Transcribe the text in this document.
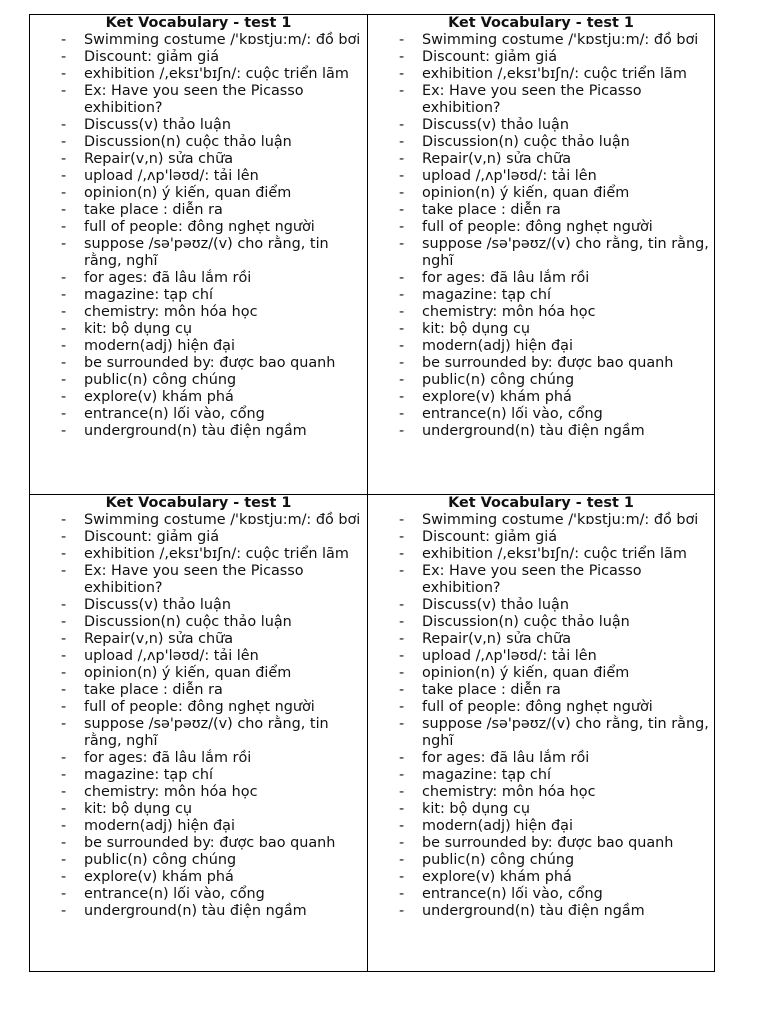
Ket Vocabulary - test 1
- Swimming costume /'kɒstju:m/: đồ bơi
- Discount: giảm giá
- exhibition /,eksɪ'bɪʃn/: cuộc triển lãm
- Ex: Have you seen the Picasso exhibition?
- Discuss(v) thảo luận
- Discussion(n) cuộc thảo luận
- Repair(v,n) sửa chữa
- upload /,ʌp'ləʊd/: tải lên
- opinion(n) ý kiến, quan điểm
- take place : diễn ra
- full of people: đông nghẹt người
- suppose /sə'pəʊz/(v) cho rằng, tin rằng, nghĩ
- for ages: đã lâu lắm rồi
- magazine: tạp chí
- chemistry: môn hóa học
- kit: bộ dụng cụ
- modern(adj) hiện đại
- be surrounded by: được bao quanh
- public(n) công chúng
- explore(v) khám phá
- entrance(n) lối vào, cổng
- underground(n) tàu điện ngầm
Ket Vocabulary - test 1
- Swimming costume /'kɒstju:m/: đồ bơi
- Discount: giảm giá
- exhibition /,eksɪ'bɪʃn/: cuộc triển lãm
- Ex: Have you seen the Picasso exhibition?
- Discuss(v) thảo luận
- Discussion(n) cuộc thảo luận
- Repair(v,n) sửa chữa
- upload /,ʌp'ləʊd/: tải lên
- opinion(n) ý kiến, quan điểm
- take place : diễn ra
- full of people: đông nghẹt người
- suppose /sə'pəʊz/(v) cho rằng, tin rằng, nghĩ
- for ages: đã lâu lắm rồi
- magazine: tạp chí
- chemistry: môn hóa học
- kit: bộ dụng cụ
- modern(adj) hiện đại
- be surrounded by: được bao quanh
- public(n) công chúng
- explore(v) khám phá
- entrance(n) lối vào, cổng
- underground(n) tàu điện ngầm
Ket Vocabulary - test 1
- Swimming costume /'kɒstju:m/: đồ bơi
- Discount: giảm giá
- exhibition /,eksɪ'bɪʃn/: cuộc triển lãm
- Ex: Have you seen the Picasso exhibition?
- Discuss(v) thảo luận
- Discussion(n) cuộc thảo luận
- Repair(v,n) sửa chữa
- upload /,ʌp'ləʊd/: tải lên
- opinion(n) ý kiến, quan điểm
- take place : diễn ra
- full of people: đông nghẹt người
- suppose /sə'pəʊz/(v) cho rằng, tin rằng, nghĩ
- for ages: đã lâu lắm rồi
- magazine: tạp chí
- chemistry: môn hóa học
- kit: bộ dụng cụ
- modern(adj) hiện đại
- be surrounded by: được bao quanh
- public(n) công chúng
- explore(v) khám phá
- entrance(n) lối vào, cổng
- underground(n) tàu điện ngầm
Ket Vocabulary - test 1
- Swimming costume /'kɒstju:m/: đồ bơi
- Discount: giảm giá
- exhibition /,eksɪ'bɪʃn/: cuộc triển lãm
- Ex: Have you seen the Picasso exhibition?
- Discuss(v) thảo luận
- Discussion(n) cuộc thảo luận
- Repair(v,n) sửa chữa
- upload /,ʌp'ləʊd/: tải lên
- opinion(n) ý kiến, quan điểm
- take place : diễn ra
- full of people: đông nghẹt người
- suppose /sə'pəʊz/(v) cho rằng, tin rằng, nghĩ
- for ages: đã lâu lắm rồi
- magazine: tạp chí
- chemistry: môn hóa học
- kit: bộ dụng cụ
- modern(adj) hiện đại
- be surrounded by: được bao quanh
- public(n) công chúng
- explore(v) khám phá
- entrance(n) lối vào, cổng
- underground(n) tàu điện ngầm
